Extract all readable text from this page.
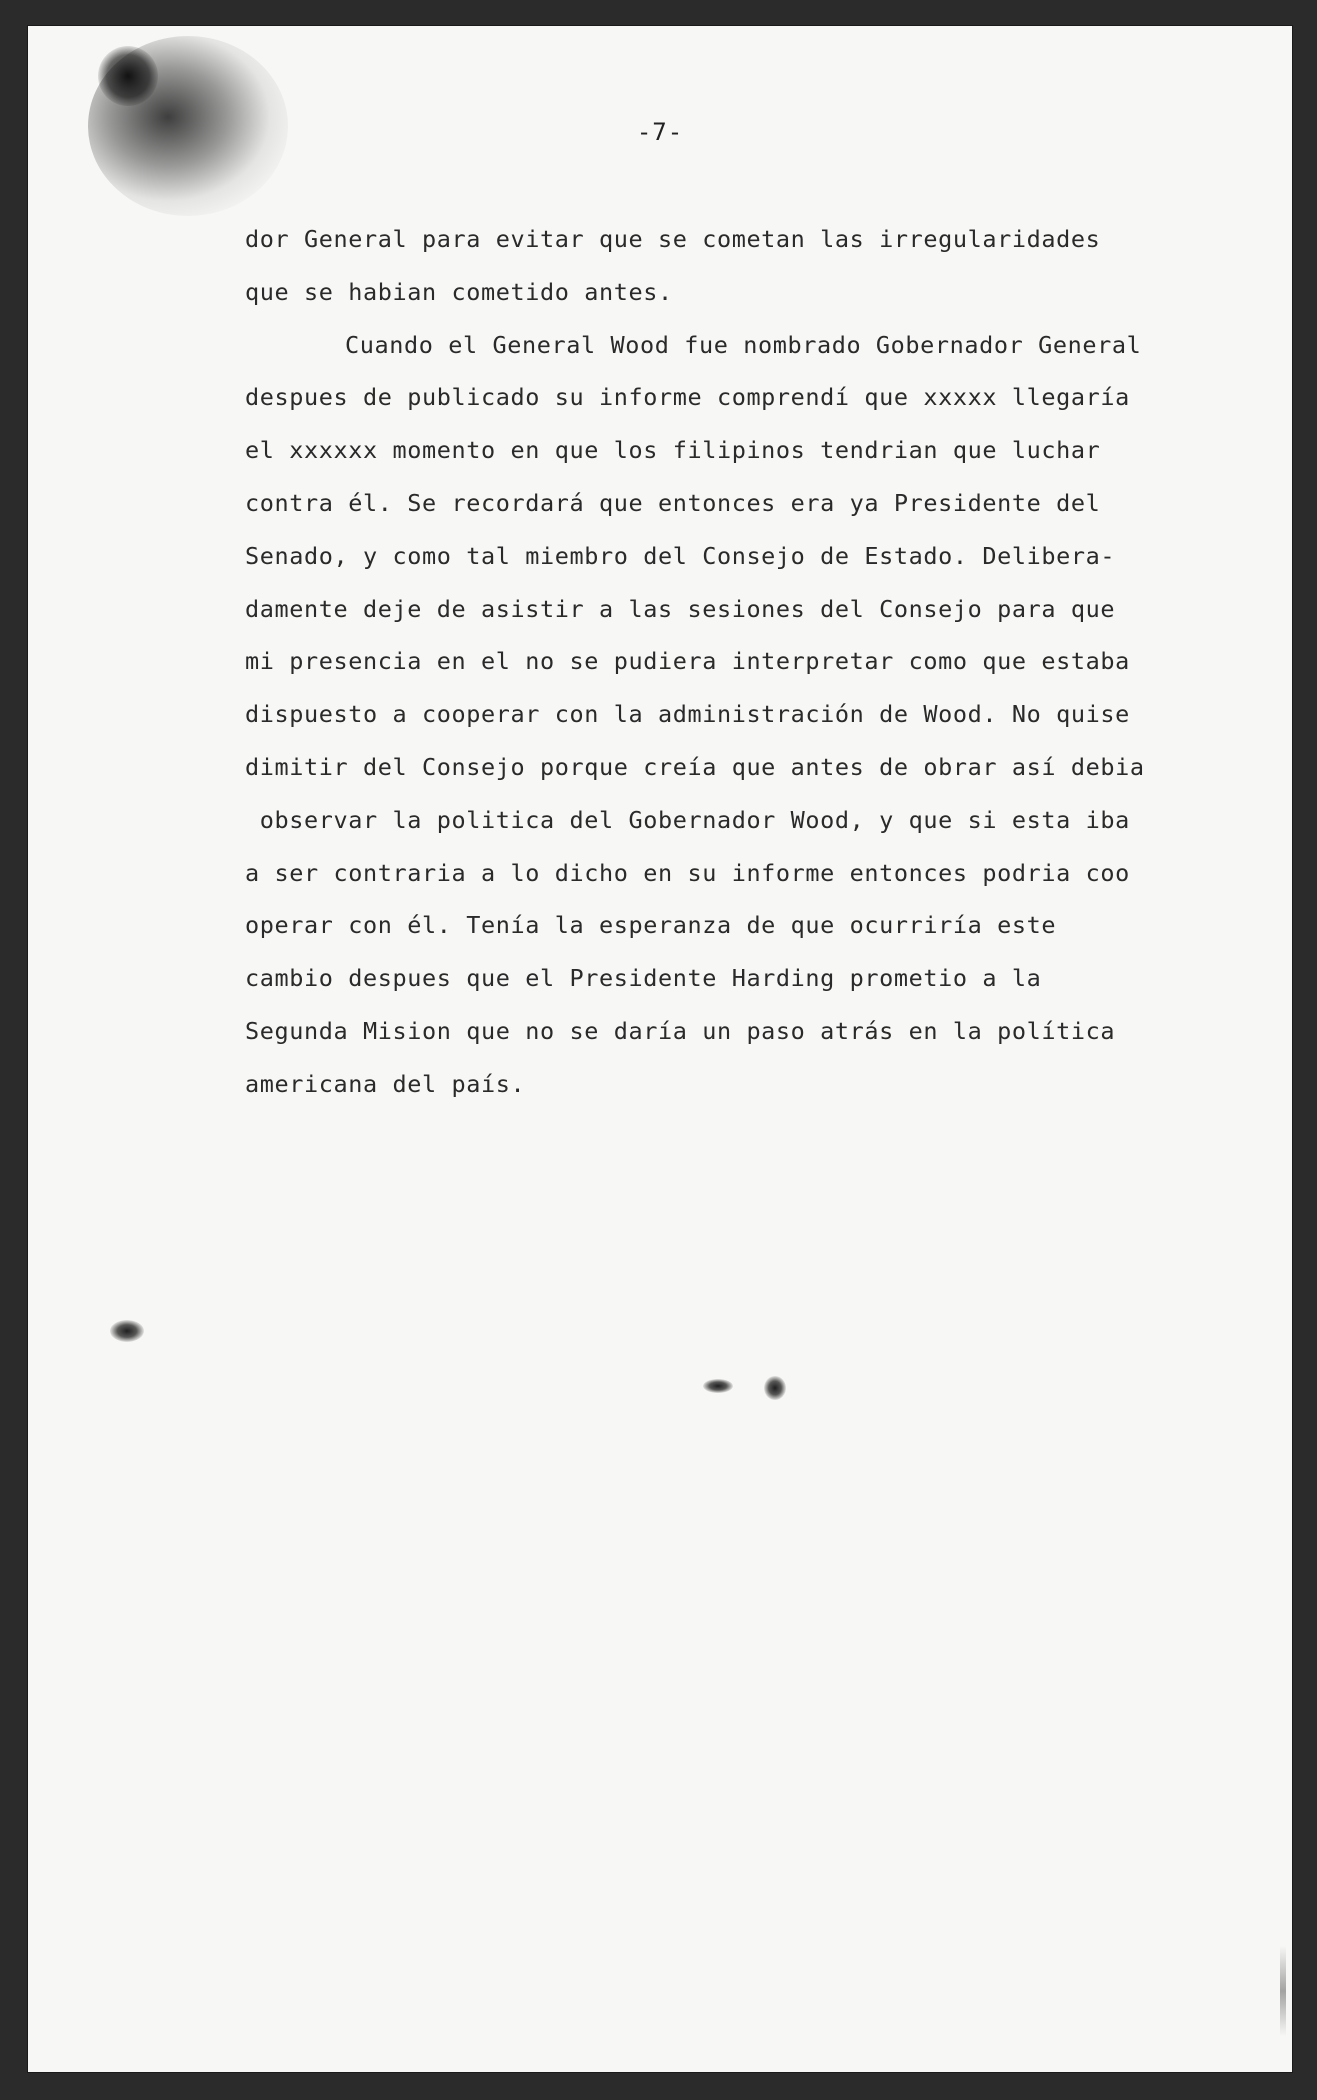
-7-
dor General para evitar que se cometan las irregularidades
que se habian cometido antes.
Cuando el General Wood fue nombrado Gobernador General
despues de publicado su informe comprendí que xxxxx llegaría
el xxxxxx momento en que los filipinos tendrian que luchar
contra él. Se recordará que entonces era ya Presidente del
Senado, y como tal miembro del Consejo de Estado. Delibera-
damente deje de asistir a las sesiones del Consejo para que
mi presencia en el no se pudiera interpretar como que estaba
dispuesto a cooperar con la administración de Wood. No quise
dimitir del Consejo porque creía que antes de obrar así debia
observar la politica del Gobernador Wood, y que si esta iba
a ser contraria a lo dicho en su informe entonces podria coo
operar con él. Tenía la esperanza de que ocurriría este
cambio despues que el Presidente Harding prometio a la
Segunda Mision que no se daría un paso atrás en la política
americana del país.
